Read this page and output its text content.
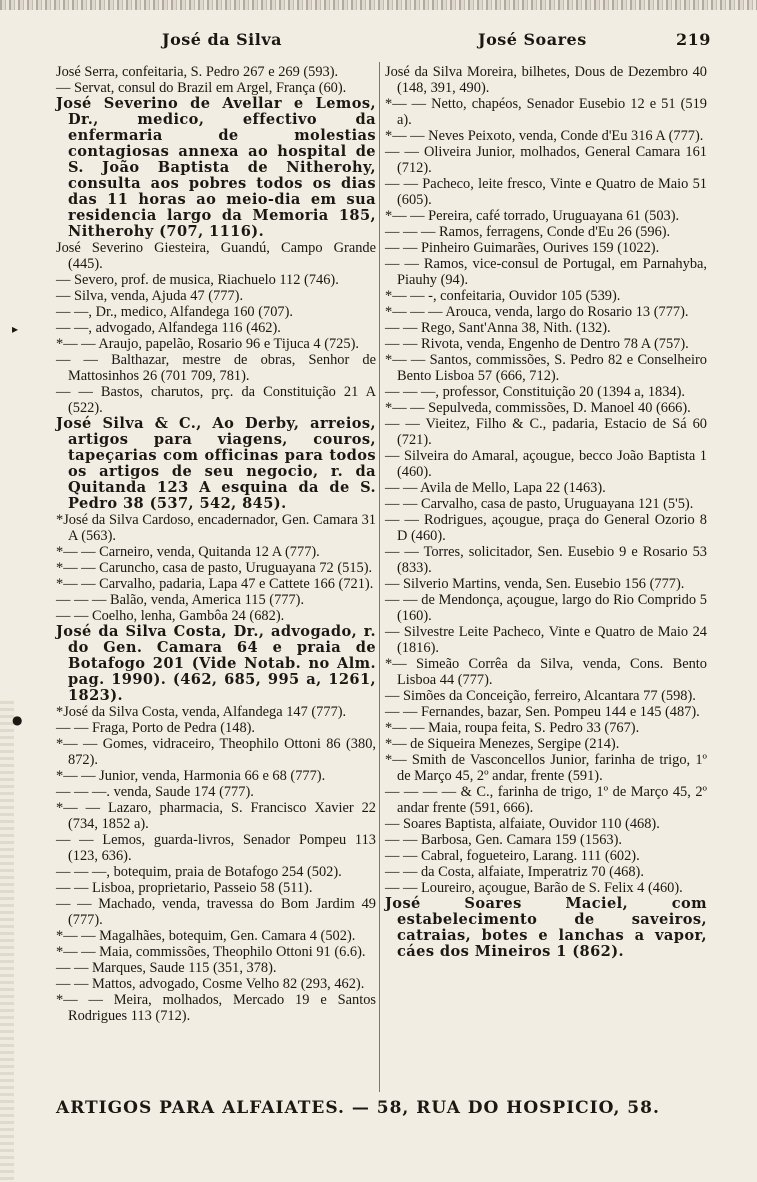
▸
●
José da Silva	José Soares	219

José Serra, confeitaria, S. Pedro 267 e 269 (593).

— Servat, consul do Brazil em Argel, França (60).

José Severino de Avellar e Lemos, Dr., medico, effectivo da enfermaria de molestias contagiosas annexa ao hospital de S. João Baptista de Nitherohy, consulta aos pobres todos os dias das 11 horas ao meio-dia em sua residencia largo da Memoria 185, Nitherohy (707, 1116).

José Severino Giesteira, Guandú, Campo Grande (445).

— Severo, prof. de musica, Riachuelo 112 (746).

— Silva, venda, Ajuda 47 (777).

— —, Dr., medico, Alfandega 160 (707).

— —, advogado, Alfandega 116 (462).

*— — Araujo, papelão, Rosario 96 e Tijuca 4 (725).

— — Balthazar, mestre de obras, Senhor de Mattosinhos 26 (701 709, 781).

— — Bastos, charutos, prç. da Constituição 21 A (522).

José Silva & C., Ao Derby, arreios, artigos para viagens, couros, tapeçarias com officinas para todos os artigos de seu negocio, r. da Quitanda 123 A esquina da de S. Pedro 38 (537, 542, 845).

*José da Silva Cardoso, encadernador, Gen. Camara 31 A (563).

*— — Carneiro, venda, Quitanda 12 A (777).

*— — Caruncho, casa de pasto, Uruguayana 72 (515).

*— — Carvalho, padaria, Lapa 47 e Cattete 166 (721).

— — — Balão, venda, America 115 (777).

— — Coelho, lenha, Gambôa 24 (682).

José da Silva Costa, Dr., advogado, r. do Gen. Camara 64 e praia de Botafogo 201 (Vide Notab. no Alm. pag. 1990). (462, 685, 995 a, 1261, 1823).

*José da Silva Costa, venda, Alfandega 147 (777).

— — Fraga, Porto de Pedra (148).

*— — Gomes, vidraceiro, Theophilo Ottoni 86 (380, 872).

*— — Junior, venda, Harmonia 66 e 68 (777).

— — —. venda, Saude 174 (777).

*— — Lazaro, pharmacia, S. Francisco Xavier 22 (734, 1852 a).

— — Lemos, guarda-livros, Senador Pompeu 113 (123, 636).

— — —, botequim, praia de Botafogo 254 (502).

— — Lisboa, proprietario, Passeio 58 (511).

— — Machado, venda, travessa do Bom Jardim 49 (777).

*— — Magalhães, botequim, Gen. Camara 4 (502).

*— — Maia, commissões, Theophilo Ottoni 91 (6.6).

— — Marques, Saude 115 (351, 378).

— — Mattos, advogado, Cosme Velho 82 (293, 462).

*— — Meira, molhados, Mercado 19 e Santos Rodrigues 113 (712).

José da Silva Moreira, bilhetes, Dous de Dezembro 40 (148, 391, 490).

*— — Netto, chapéos, Senador Eusebio 12 e 51 (519 a).

*— — Neves Peixoto, venda, Conde d'Eu 316 A (777).

— — Oliveira Junior, molhados, General Camara 161 (712).

— — Pacheco, leite fresco, Vinte e Quatro de Maio 51 (605).

*— — Pereira, café torrado, Uruguayana 61 (503).

— — — Ramos, ferragens, Conde d'Eu 26 (596).

— — Pinheiro Guimarães, Ourives 159 (1022).

— — Ramos, vice-consul de Portugal, em Parnahyba, Piauhy (94).

*— — -, confeitaria, Ouvidor 105 (539).

*— — — Arouca, venda, largo do Rosario 13 (777).

— — Rego, Sant'Anna 38, Nith. (132).

— — Rivota, venda, Engenho de Dentro 78 A (757).

*— — Santos, commissões, S. Pedro 82 e Conselheiro Bento Lisboa 57 (666, 712).

— — —, professor, Constituição 20 (1394 a, 1834).

*— — Sepulveda, commissões, D. Manoel 40 (666).

— — Vieitez, Filho & C., padaria, Estacio de Sá 60 (721).

— Silveira do Amaral, açougue, becco João Baptista 1 (460).

— — Avila de Mello, Lapa 22 (1463).

— — Carvalho, casa de pasto, Uruguayana 121 (5'5).

— — Rodrigues, açougue, praça do General Ozorio 8 D (460).

— — Torres, solicitador, Sen. Eusebio 9 e Rosario 53 (833).

— Silverio Martins, venda, Sen. Eusebio 156 (777).

— — de Mendonça, açougue, largo do Rio Comprido 5 (160).

— Silvestre Leite Pacheco, Vinte e Quatro de Maio 24 (1816).

*— Simeão Corrêa da Silva, venda, Cons. Bento Lisboa 44 (777).

— Simões da Conceição, ferreiro, Alcantara 77 (598).

— — Fernandes, bazar, Sen. Pompeu 144 e 145 (487).

*— — Maia, roupa feita, S. Pedro 33 (767).

*— de Siqueira Menezes, Sergipe (214).

*— Smith de Vasconcellos Junior, farinha de trigo, 1º de Março 45, 2º andar, frente (591).

— — — — & C., farinha de trigo, 1º de Março 45, 2º andar frente (591, 666).

— Soares Baptista, alfaiate, Ouvidor 110 (468).

— — Barbosa, Gen. Camara 159 (1563).

— — Cabral, fogueteiro, Larang. 111 (602).

— — da Costa, alfaiate, Imperatriz 70 (468).

— — Loureiro, açougue, Barão de S. Felix 4 (460).

José Soares Maciel, com estabelecimento de saveiros, catraias, botes e lanchas a vapor, cáes dos Mineiros 1 (862).

ARTIGOS PARA ALFAIATES. — 58, RUA DO HOSPICIO, 58.
